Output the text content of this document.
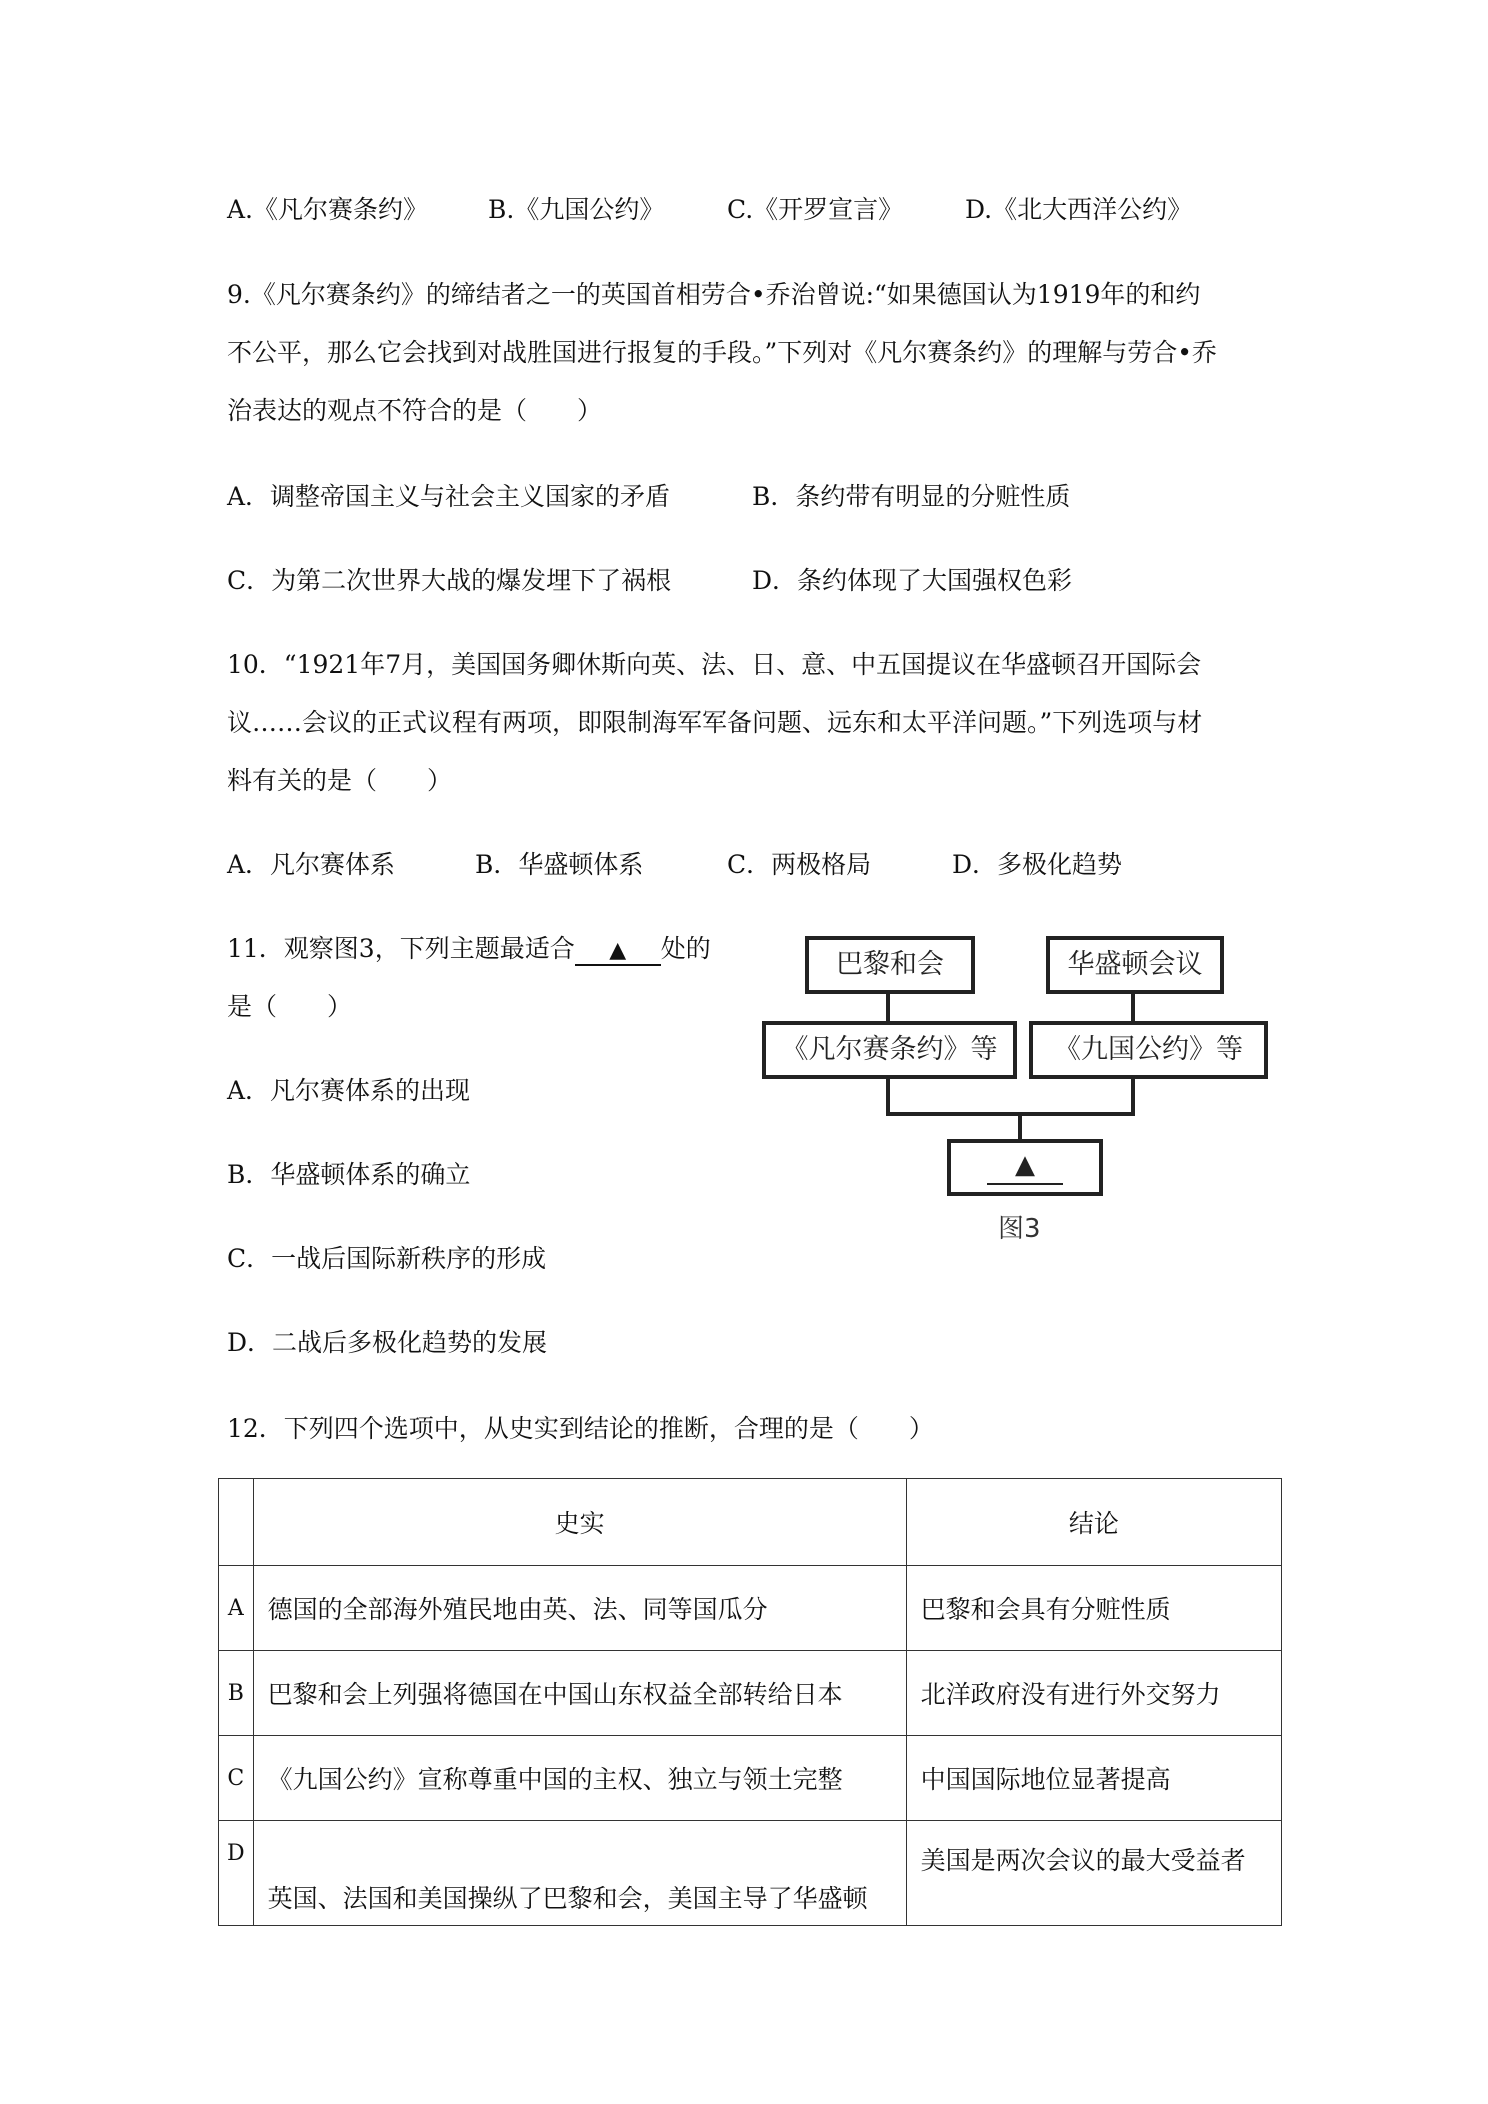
A.《凡尔赛条约》 B.《九国公约》	C.《开罗宣言》 D.《北大西洋公约》
9.《凡尔赛条约》的缔结者之一的英国首相劳合•乔治曾说:“如果德国认为1919年的和约
不公平，那么它会找到对战胜国进行报复的手段。”下列对《凡尔赛条约》的理解与劳合•乔
治表达的观点不符合的是（　　）
A．调整帝国主义与社会主义国家的矛盾	B．条约带有明显的分赃性质
C．为第二次世界大战的爆发埋下了祸根	D．条约体现了大国强权色彩
10．“1921年7月，美国国务卿休斯向英、法、日、意、中五国提议在华盛顿召开国际会
议……会议的正式议程有两项，即限制海军军备问题、远东和太平洋问题。”下列选项与材
料有关的是（　　）
A．凡尔赛体系	B．华盛顿体系	C．两极格局	D．多极化趋势
11．观察图3，下列主题最适合 ▲ 处的
是（　　）
A．凡尔赛体系的出现
B．华盛顿体系的确立
C．一战后国际新秩序的形成
D．二战后多极化趋势的发展
巴黎和会	华盛顿会议
《凡尔赛条约》等	《九国公约》等
▲
图3
12．下列四个选项中，从史实到结论的推断，合理的是（　　）
	史实	结论
A	德国的全部海外殖民地由英、法、同等国瓜分	巴黎和会具有分赃性质
B	巴黎和会上列强将德国在中国山东权益全部转给日本	北洋政府没有进行外交努力
C	《九国公约》宣称尊重中国的主权、独立与领土完整	中国国际地位显著提高
D	英国、法国和美国操纵了巴黎和会，美国主导了华盛顿	美国是两次会议的最大受益者
